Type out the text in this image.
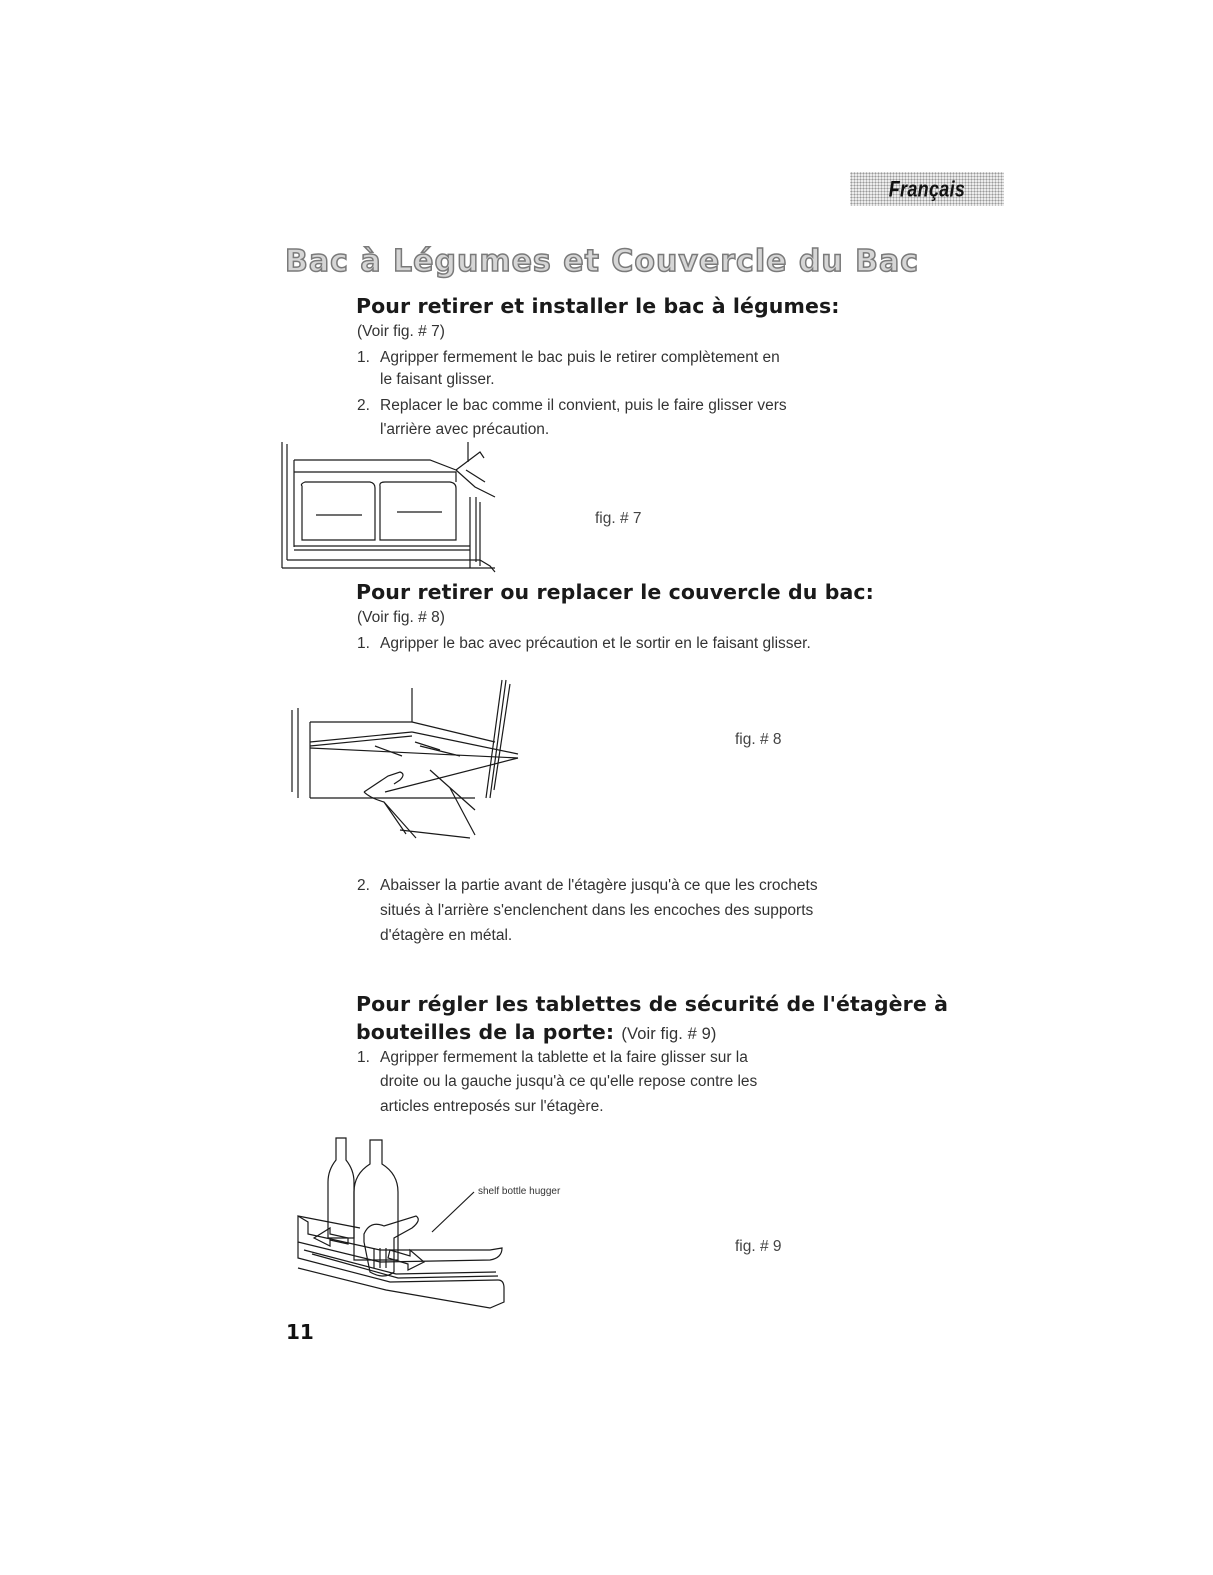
Français
Bac à Légumes et Couvercle du Bac
Pour retirer et installer le bac à légumes:
(Voir fig. # 7)
1. Agripper fermement le bac puis le retirer complètement en
le faisant glisser.
2. Replacer le bac comme il convient, puis le faire glisser vers
l'arrière avec précaution.
fig. # 7
Pour retirer ou replacer le couvercle du bac:
(Voir fig. # 8)
1. Agripper le bac avec précaution et le sortir en le faisant glisser.
fig. # 8
2. Abaisser la partie avant de l'étagère jusqu'à ce que les crochets
situés à l'arrière s'enclenchent dans les encoches des supports
d'étagère en métal.
Pour régler les tablettes de sécurité de l'étagère à
bouteilles de la porte: (Voir fig. # 9)
1. Agripper fermement la tablette et la faire glisser sur la
droite ou la gauche jusqu'à ce qu'elle repose contre les
articles entreposés sur l'étagère.
shelf bottle hugger
fig. # 9
11
